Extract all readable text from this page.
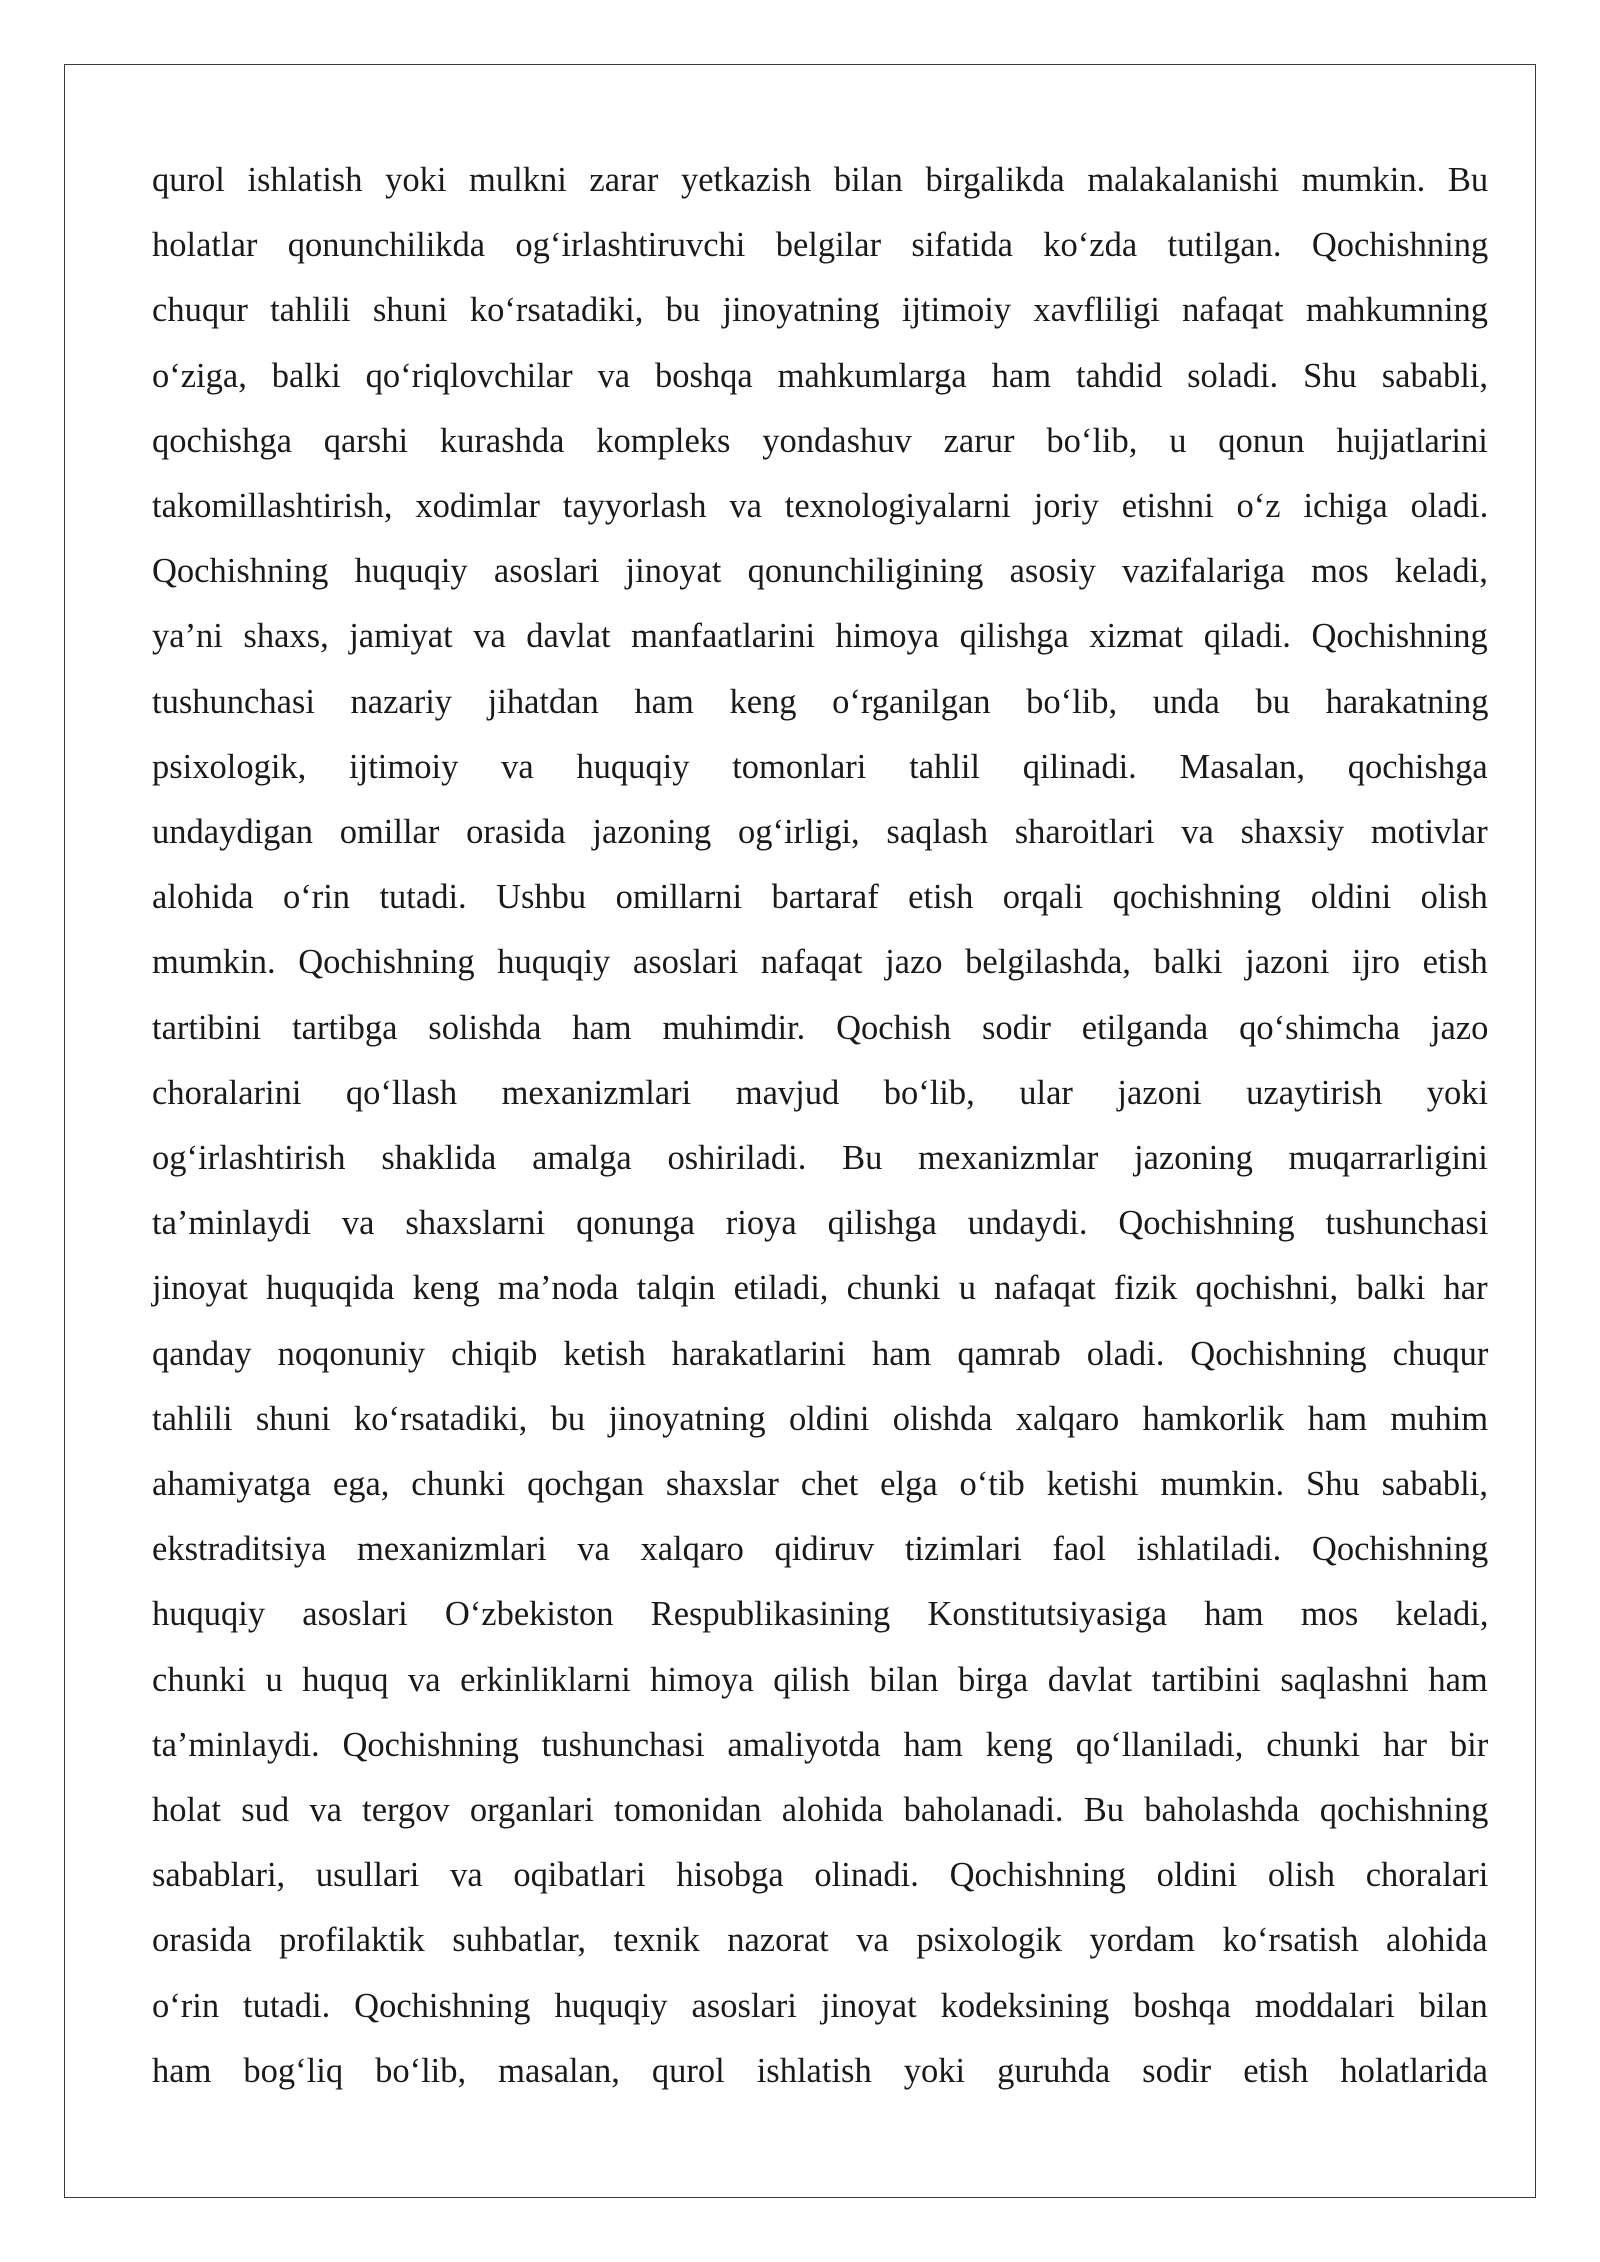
qurol ishlatish yoki mulkni zarar yetkazish bilan birgalikda malakalanishi mumkin. Bu
holatlar qonunchilikda og‘irlashtiruvchi belgilar sifatida ko‘zda tutilgan. Qochishning
chuqur tahlili shuni ko‘rsatadiki, bu jinoyatning ijtimoiy xavfliligi nafaqat mahkumning
o‘ziga, balki qo‘riqlovchilar va boshqa mahkumlarga ham tahdid soladi. Shu sababli,
qochishga qarshi kurashda kompleks yondashuv zarur bo‘lib, u qonun hujjatlarini
takomillashtirish, xodimlar tayyorlash va texnologiyalarni joriy etishni o‘z ichiga oladi.
Qochishning huquqiy asoslari jinoyat qonunchiligining asosiy vazifalariga mos keladi,
ya’ni shaxs, jamiyat va davlat manfaatlarini himoya qilishga xizmat qiladi. Qochishning
tushunchasi nazariy jihatdan ham keng o‘rganilgan bo‘lib, unda bu harakatning
psixologik, ijtimoiy va huquqiy tomonlari tahlil qilinadi. Masalan, qochishga
undaydigan omillar orasida jazoning og‘irligi, saqlash sharoitlari va shaxsiy motivlar
alohida o‘rin tutadi. Ushbu omillarni bartaraf etish orqali qochishning oldini olish
mumkin. Qochishning huquqiy asoslari nafaqat jazo belgilashda, balki jazoni ijro etish
tartibini tartibga solishda ham muhimdir. Qochish sodir etilganda qo‘shimcha jazo
choralarini qo‘llash mexanizmlari mavjud bo‘lib, ular jazoni uzaytirish yoki
og‘irlashtirish shaklida amalga oshiriladi. Bu mexanizmlar jazoning muqarrarligini
ta’minlaydi va shaxslarni qonunga rioya qilishga undaydi. Qochishning tushunchasi
jinoyat huquqida keng ma’noda talqin etiladi, chunki u nafaqat fizik qochishni, balki har
qanday noqonuniy chiqib ketish harakatlarini ham qamrab oladi. Qochishning chuqur
tahlili shuni ko‘rsatadiki, bu jinoyatning oldini olishda xalqaro hamkorlik ham muhim
ahamiyatga ega, chunki qochgan shaxslar chet elga o‘tib ketishi mumkin. Shu sababli,
ekstraditsiya mexanizmlari va xalqaro qidiruv tizimlari faol ishlatiladi. Qochishning
huquqiy asoslari O‘zbekiston Respublikasining Konstitutsiyasiga ham mos keladi,
chunki u huquq va erkinliklarni himoya qilish bilan birga davlat tartibini saqlashni ham
ta’minlaydi. Qochishning tushunchasi amaliyotda ham keng qo‘llaniladi, chunki har bir
holat sud va tergov organlari tomonidan alohida baholanadi. Bu baholashda qochishning
sabablari, usullari va oqibatlari hisobga olinadi. Qochishning oldini olish choralari
orasida profilaktik suhbatlar, texnik nazorat va psixologik yordam ko‘rsatish alohida
o‘rin tutadi. Qochishning huquqiy asoslari jinoyat kodeksining boshqa moddalari bilan
ham bog‘liq bo‘lib, masalan, qurol ishlatish yoki guruhda sodir etish holatlarida
